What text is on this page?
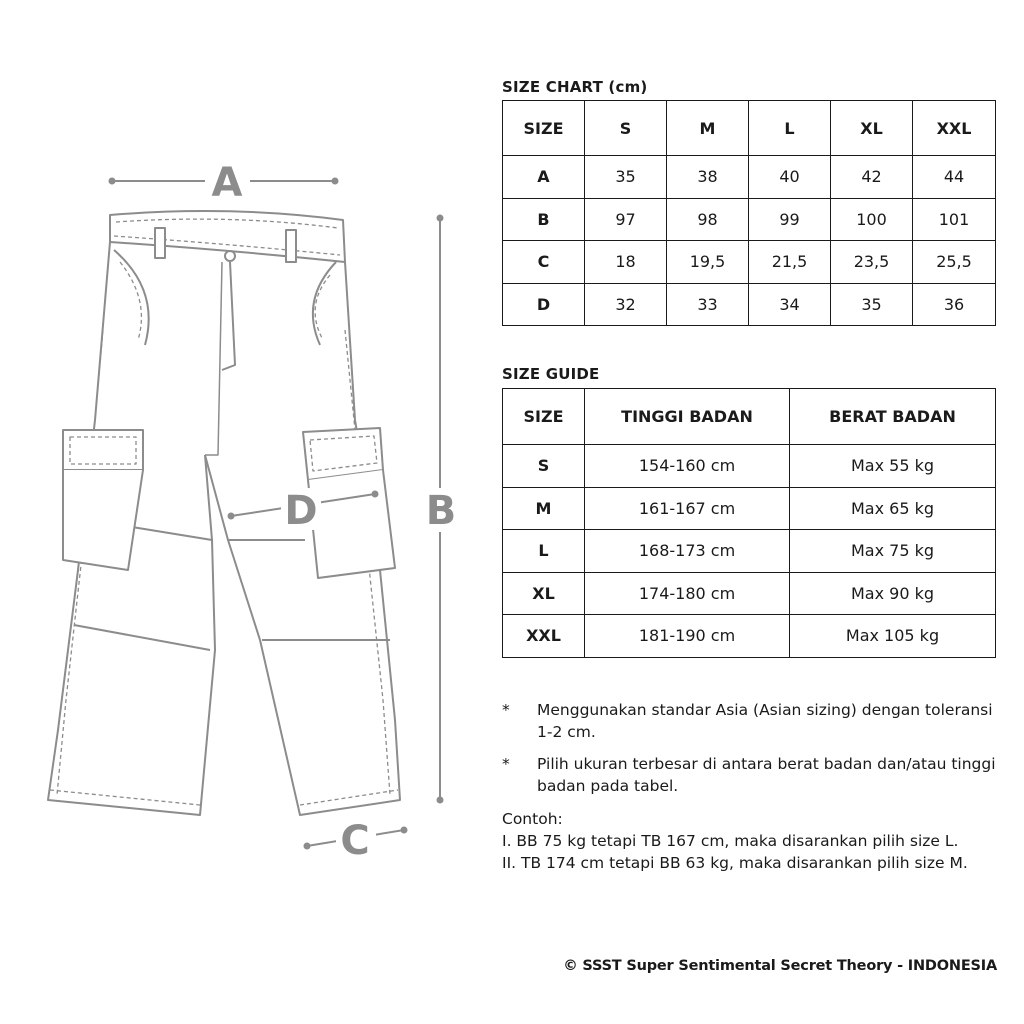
A
B
C
D
SIZE CHART (cm)
SIZE	S	M	L	XL	XXL
A	35	38	40	42	44
B	97	98	99	100	101
C	18	19,5	21,5	23,5	25,5
D	32	33	34	35	36
SIZE GUIDE
SIZE	TINGGI BADAN	BERAT BADAN
S	154-160 cm	Max 55 kg
M	161-167 cm	Max 65 kg
L	168-173 cm	Max 75 kg
XL	174-180 cm	Max 90 kg
XXL	181-190 cm	Max 105 kg
*	Menggunakan standar Asia (Asian sizing) dengan toleransi 1-2 cm.
*	Pilih ukuran terbesar di antara berat badan dan/atau tinggi badan pada tabel.
Contoh:
I. BB 75 kg tetapi TB 167 cm, maka disarankan pilih size L.
II. TB 174 cm tetapi BB 63 kg, maka disarankan pilih size M.
© SSST Super Sentimental Secret Theory - INDONESIA
